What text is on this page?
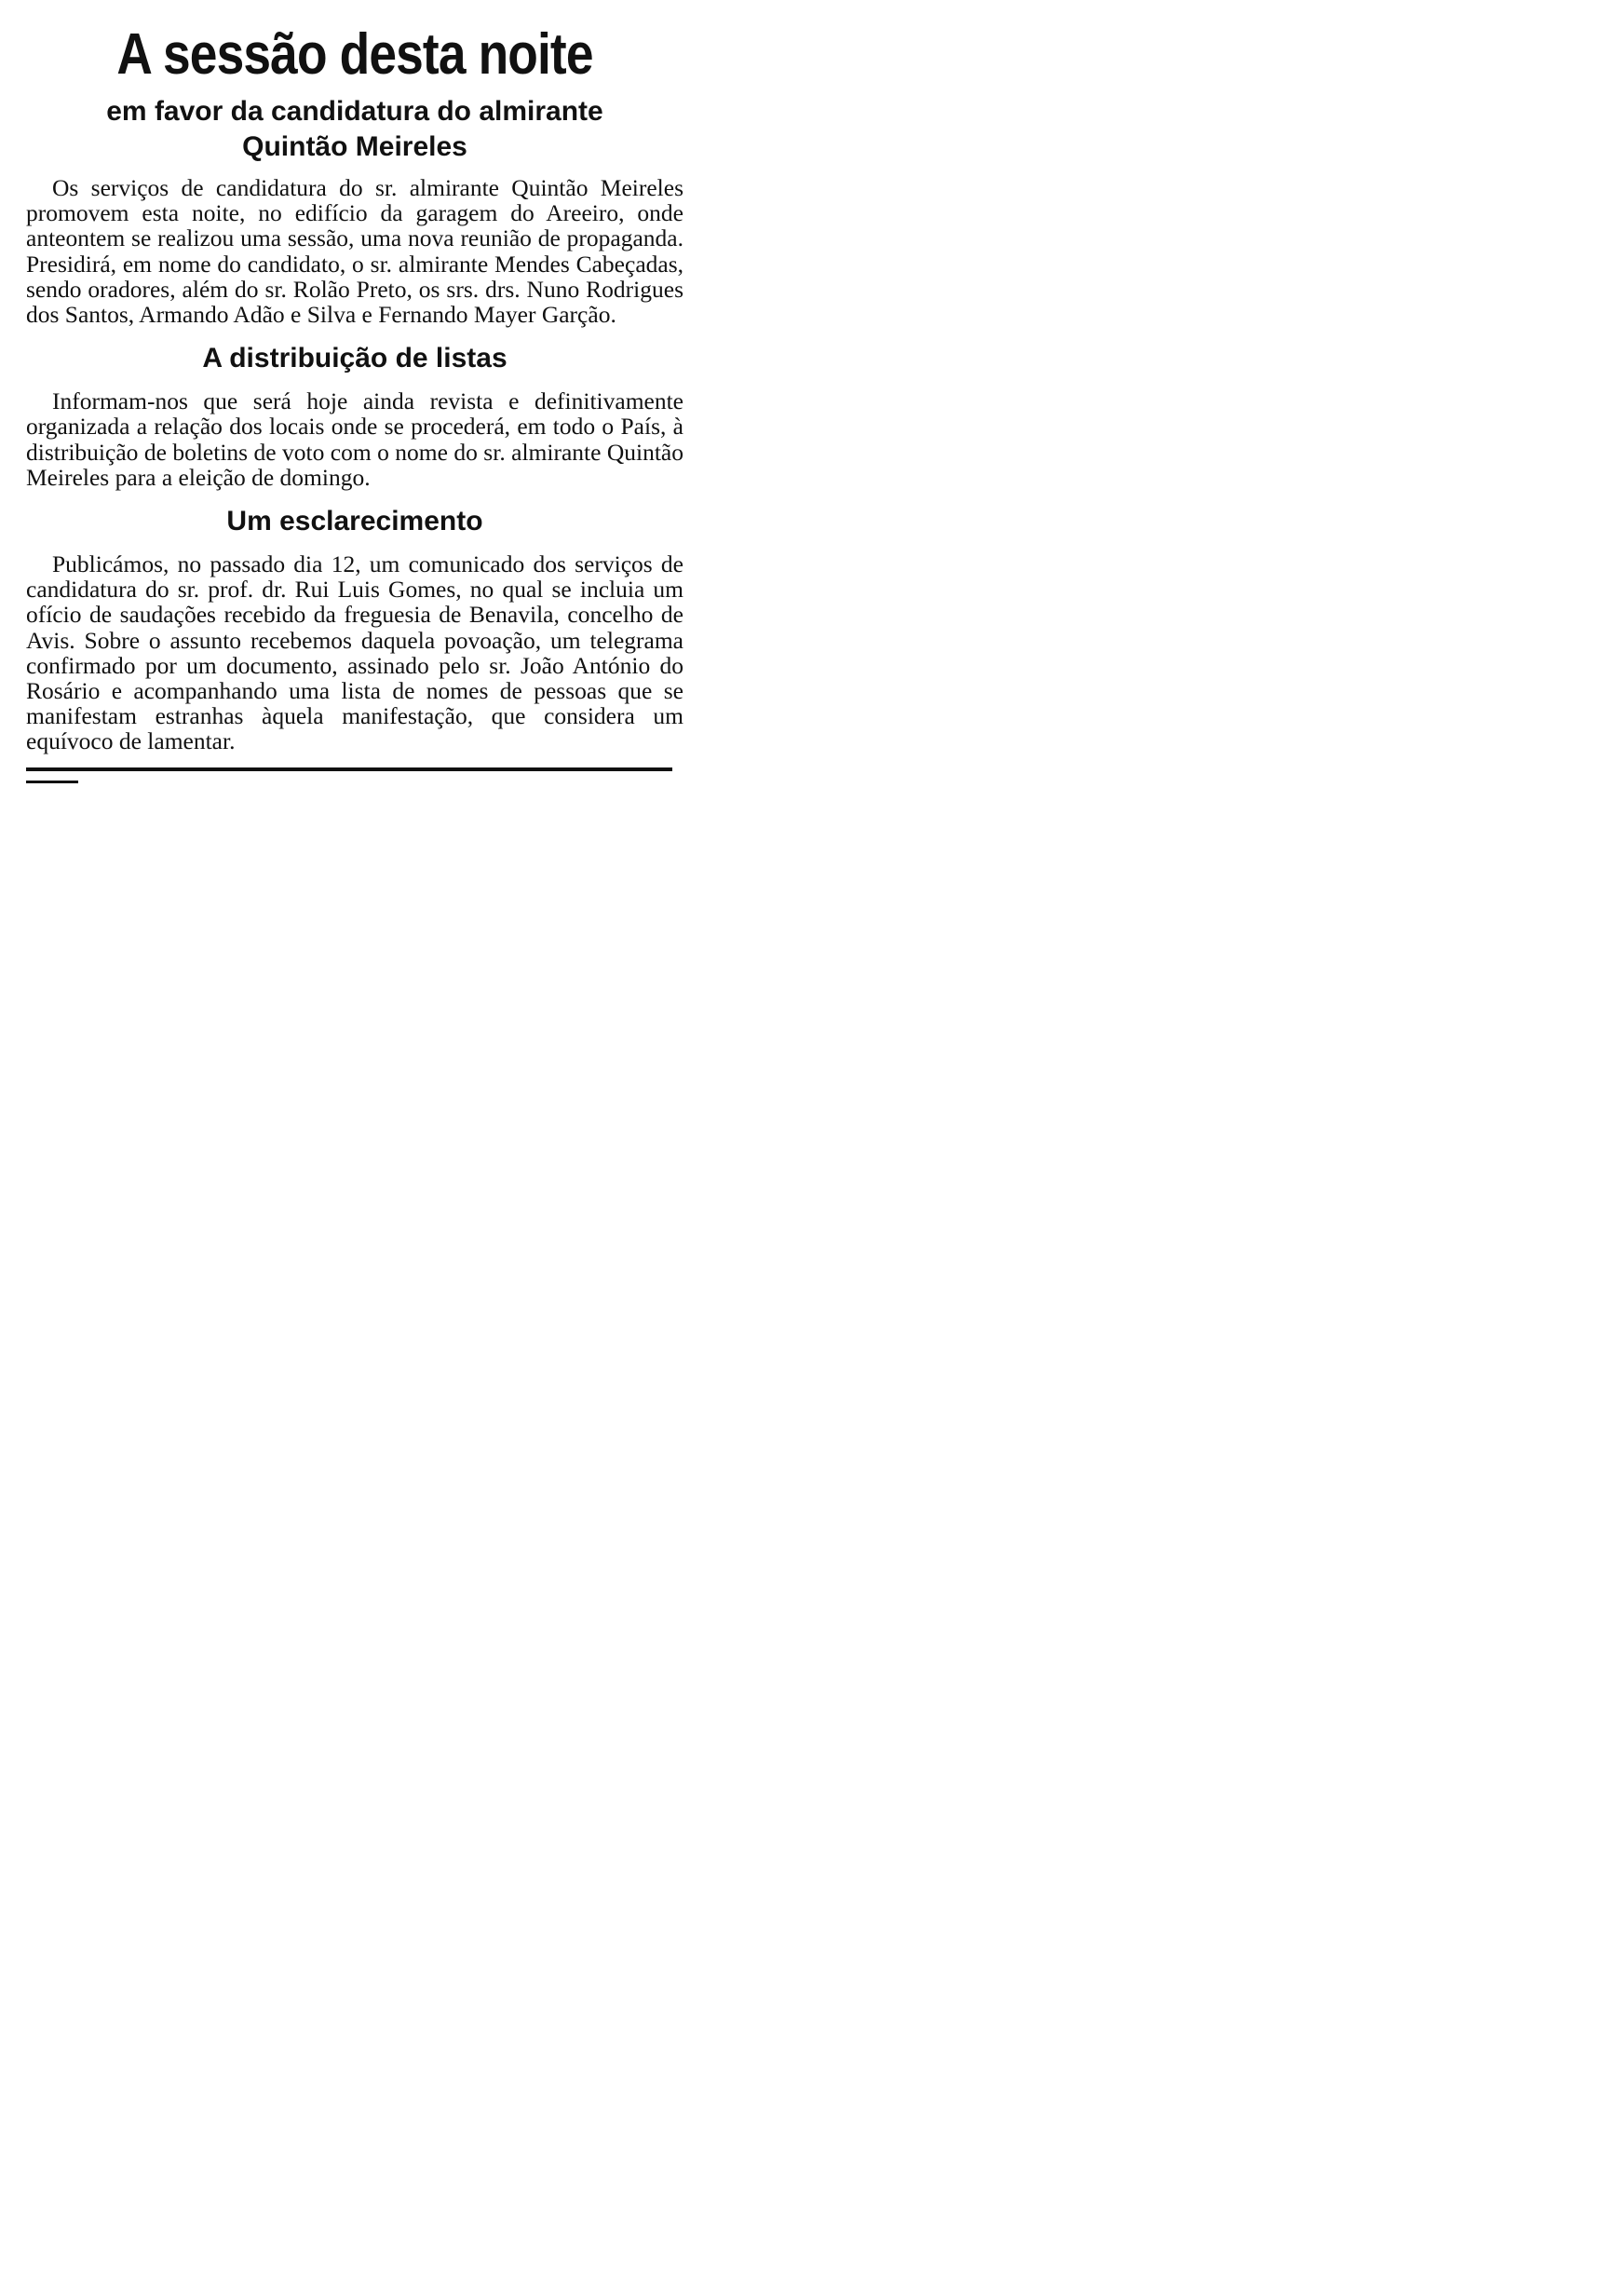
A sessão desta noite
em favor da candidatura do almirante
Quintão Meireles

Os serviços de candidatura do sr. almirante Quintão Meireles promovem esta noite, no edifício da garagem do Areeiro, onde anteontem se realizou uma sessão, uma nova reunião de propaganda. Presidirá, em nome do candidato, o sr. almirante Mendes Cabeçadas, sendo oradores, além do sr. Rolão Preto, os srs. drs. Nuno Rodrigues dos Santos, Armando Adão e Silva e Fernando Mayer Garção.

A distribuição de listas

Informam-nos que será hoje ainda revista e definitivamente organizada a relação dos locais onde se procederá, em todo o País, à distribuição de boletins de voto com o nome do sr. almirante Quintão Meireles para a eleição de domingo.

Um esclarecimento

Publicámos, no passado dia 12, um comunicado dos serviços de candidatura do sr. prof. dr. Rui Luis Gomes, no qual se incluia um ofício de saudações recebido da freguesia de Benavila, concelho de Avis. Sobre o assunto recebemos daquela povoação, um telegrama confirmado por um documento, assinado pelo sr. João António do Rosário e acompanhando uma lista de nomes de pessoas que se manifestam estranhas àquela manifestação, que considera um equívoco de lamentar.
